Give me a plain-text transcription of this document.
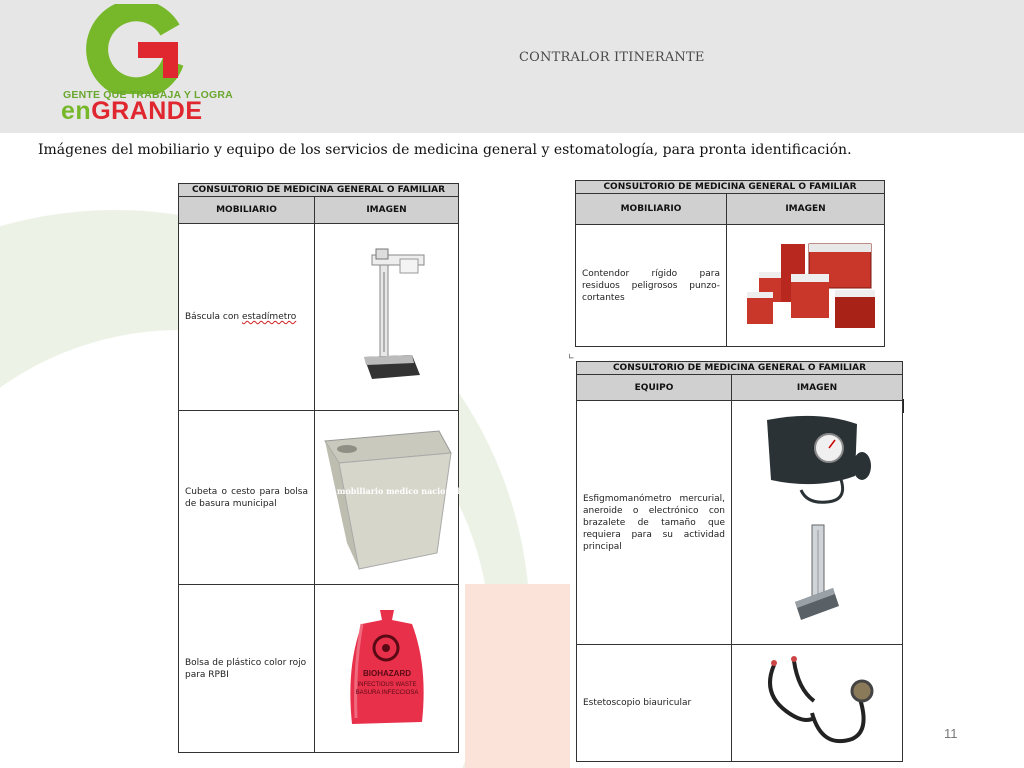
GENTE QUE TRABAJA Y LOGRA
enGRANDE
CONTRALOR ITINERANTE
Imágenes del mobiliario y equipo de los servicios de medicina general y estomatología, para pronta identificación.
CONSULTORIO DE MEDICINA GENERAL O FAMILIAR
MOBILIARIO	IMAGEN
Báscula con estadímetro
Cubeta o cesto para bolsa de basura municipal
mobiliario medico nacional
Bolsa de plástico color rojo para RPBI	BIOHAZARD
INFECTIOUS WASTE
BASURA INFECCIOSA
CONSULTORIO DE MEDICINA GENERAL O FAMILIAR
MOBILIARIO	IMAGEN
Contendor rígido para residuos peligrosos punzo-cortantes
∟
CONSULTORIO DE MEDICINA GENERAL O FAMILIAR
EQUIPO	IMAGEN
Esfigmomanómetro mercurial, aneroide o electrónico con brazalete de tamaño que requiera para su actividad principal
Estetoscopio biauricular
11
